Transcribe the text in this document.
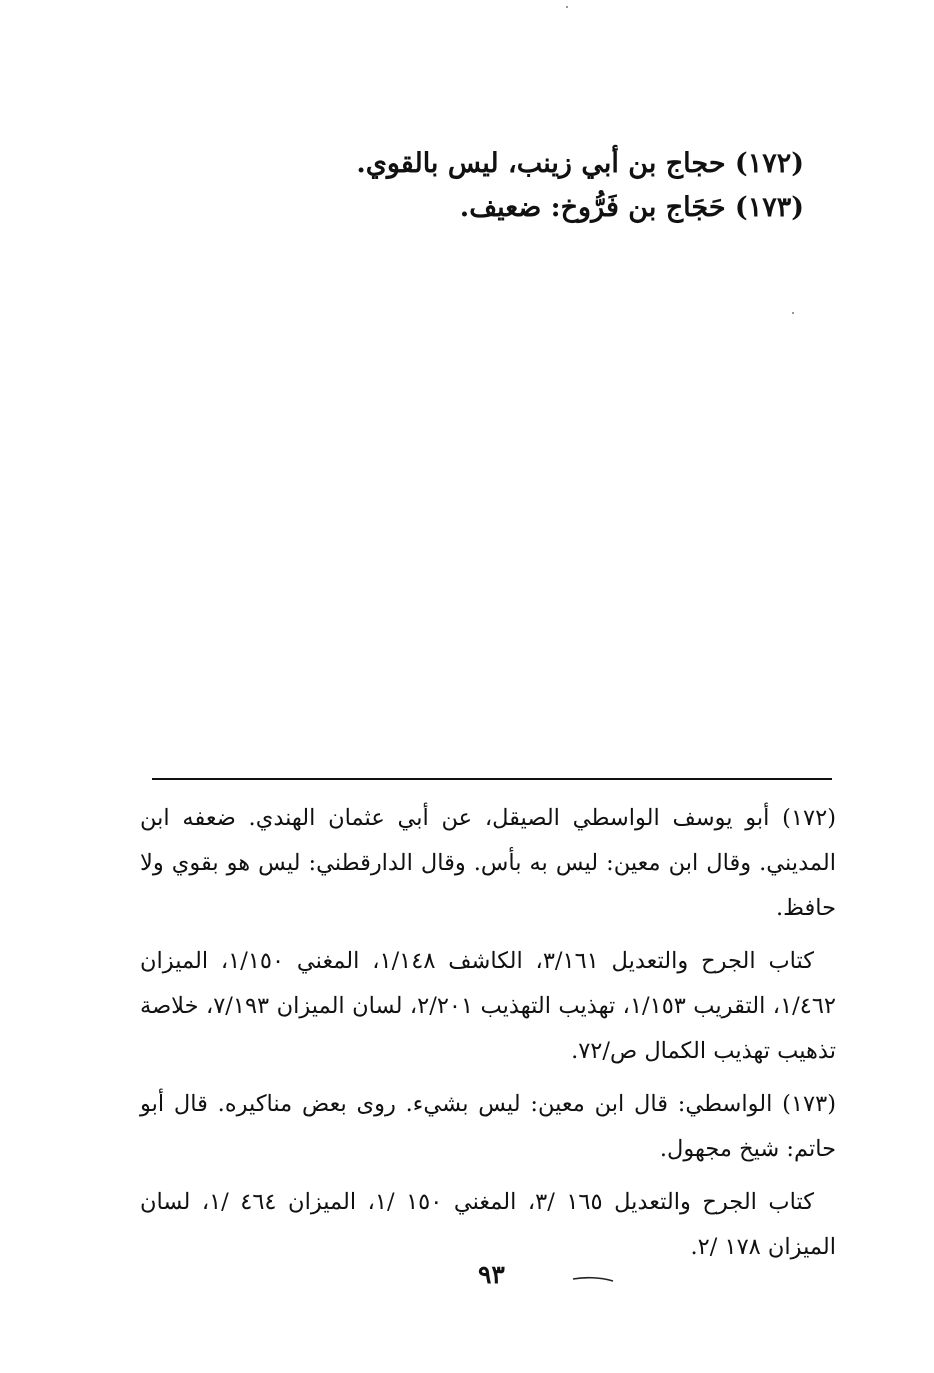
(١٧٢) حجاج بن أبي زينب، ليس بالقوي.
(١٧٣) حَجَاج بن فَرُّوخ: ضعيف.

(١٧٢) أبو يوسف الواسطي الصيقل، عن أبي عثمان الهندي. ضعفه ابن المديني. وقال ابن معين: ليس به بأس. وقال الدارقطني: ليس هو بقوي ولا حافظ.

كتاب الجرح والتعديل ٣/١٦١، الكاشف ١/١٤٨، المغني ١/١٥٠، الميزان ١/٤٦٢، التقريب ١/١٥٣، تهذيب التهذيب ٢/٢٠١، لسان الميزان ٧/١٩٣، خلاصة تذهيب تهذيب الكمال ص/٧٢.

(١٧٣) الواسطي: قال ابن معين: ليس بشيء. روى بعض مناكيره. قال أبو حاتم: شيخ مجهول.

كتاب الجرح والتعديل ١٦٥ /٣، المغني ١٥٠ /١، الميزان ٤٦٤ /١، لسان الميزان ١٧٨ /٢.

٩٣
